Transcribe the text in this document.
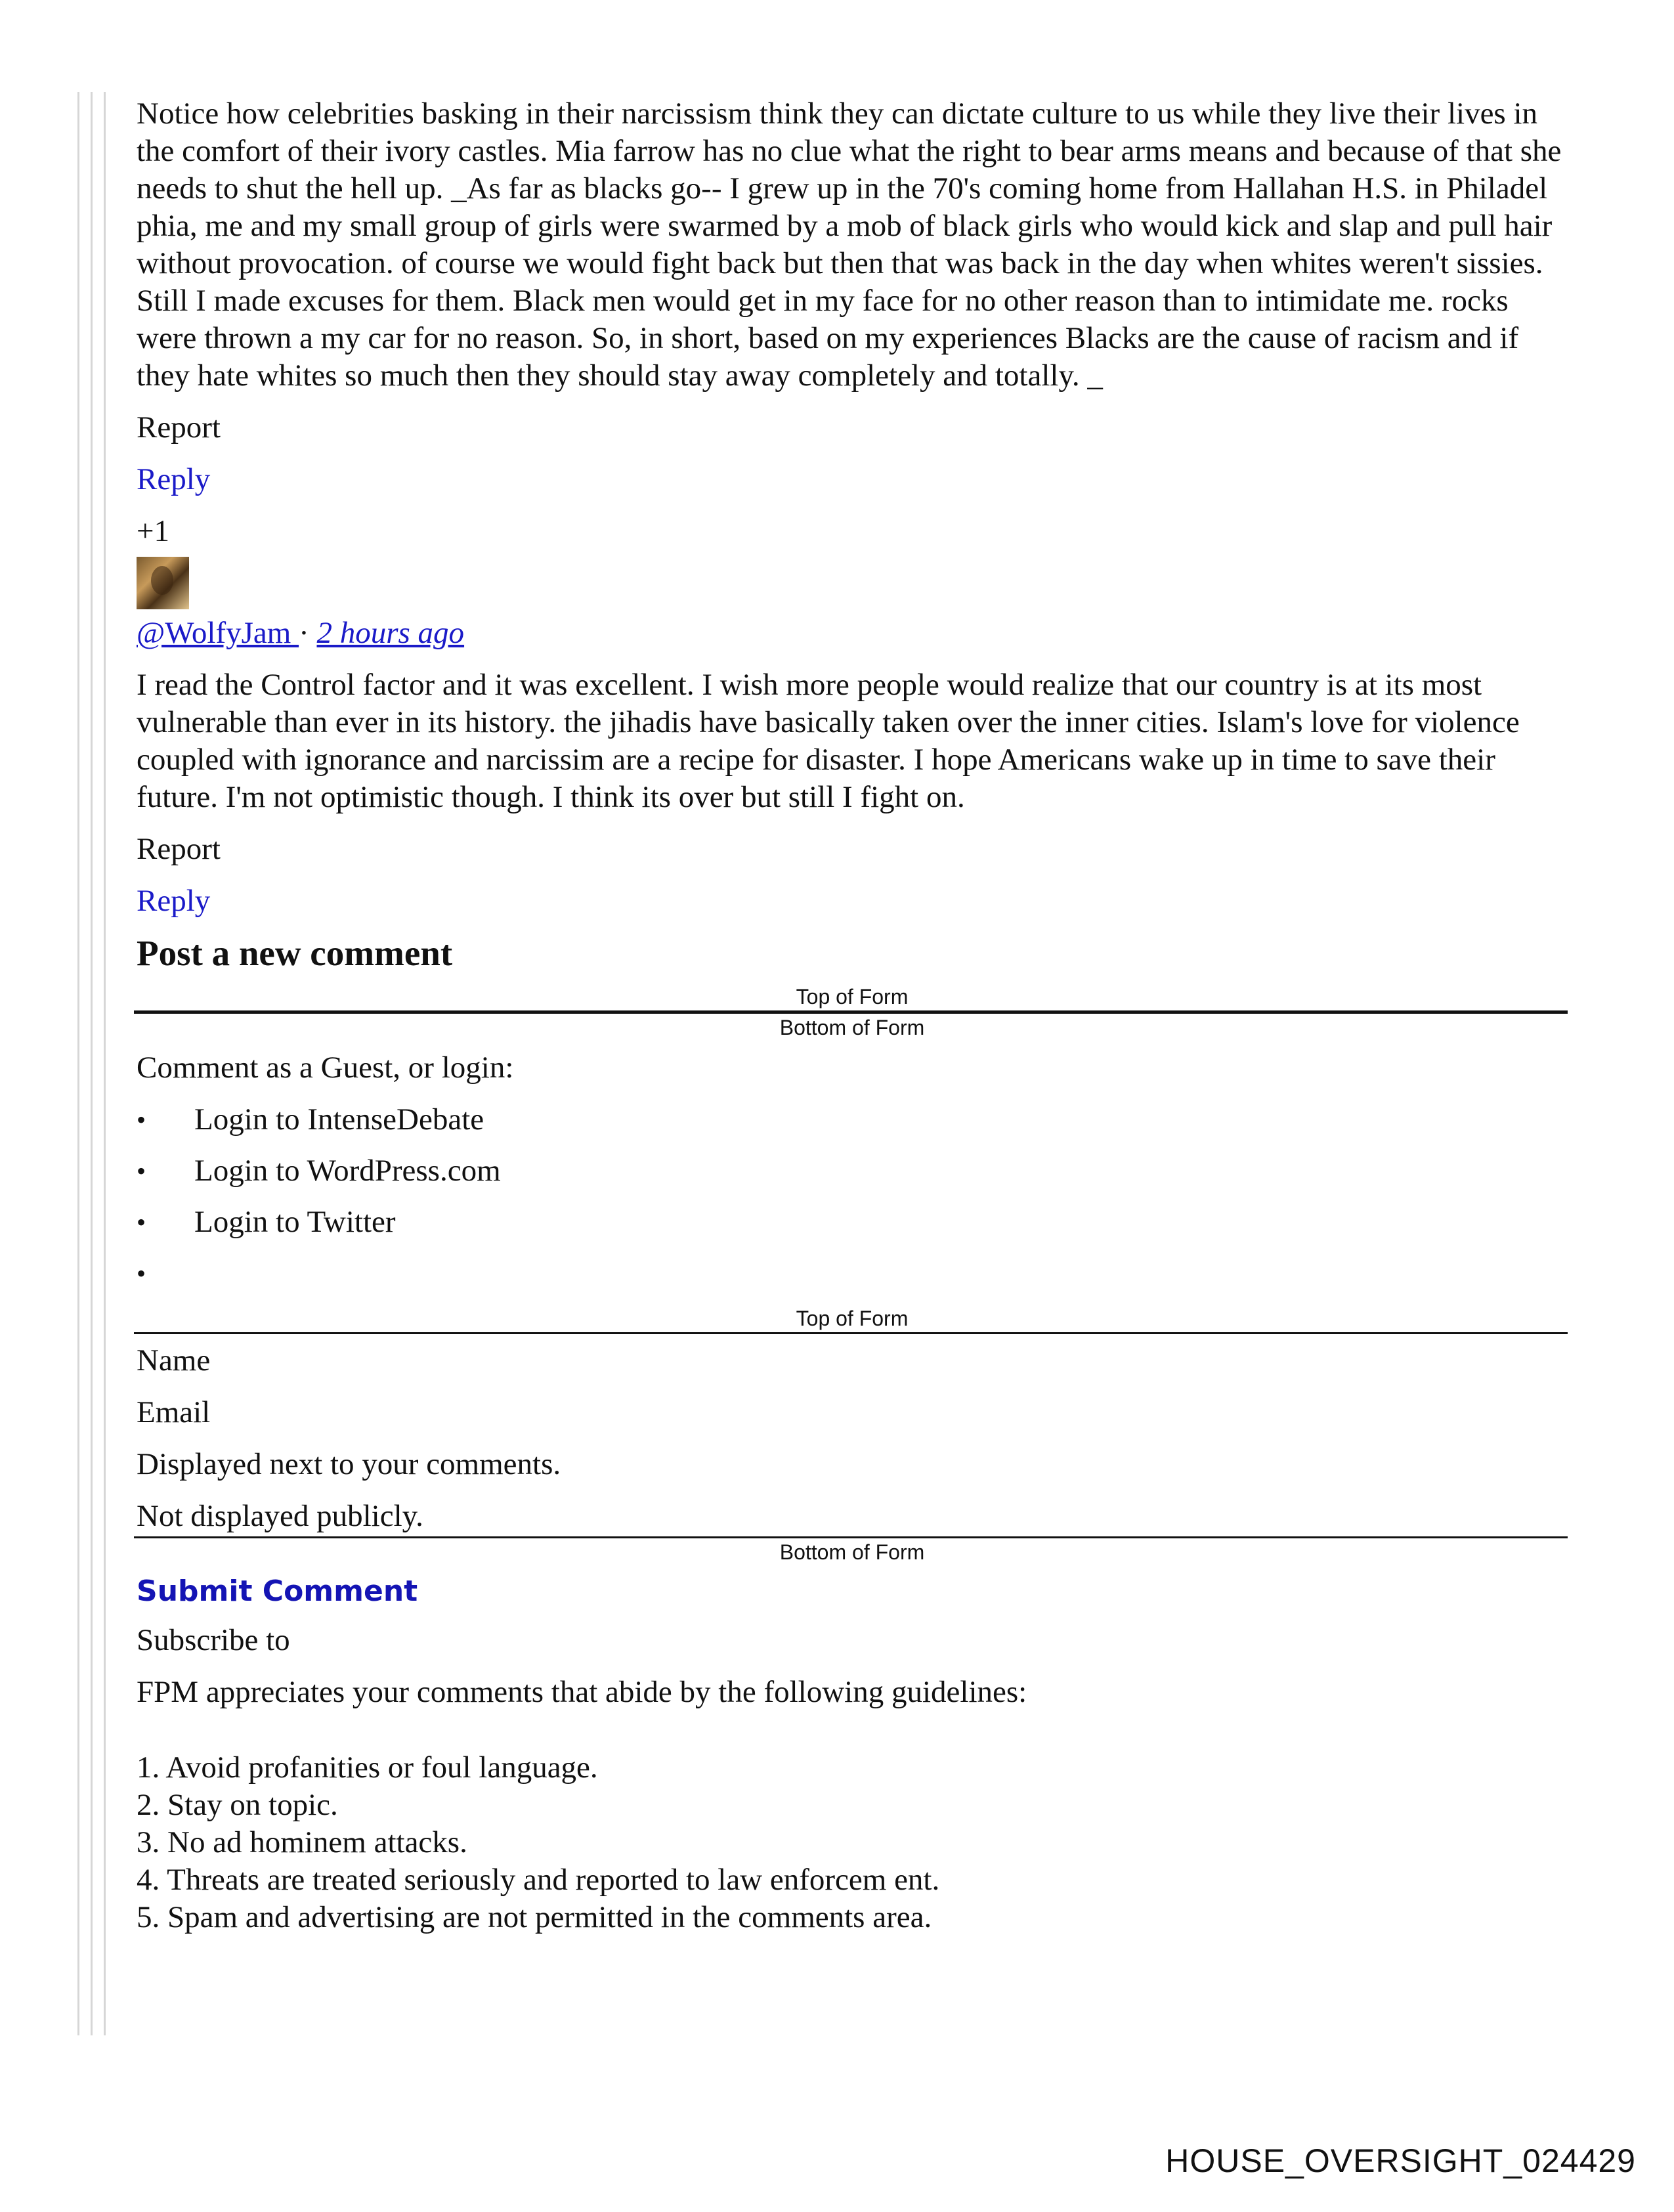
Notice how celebrities basking in their narcissism think they can dictate culture to us while they live their lives in the comfort of their ivory castles. Mia farrow has no clue what the right to bear arms means and because of that she needs to shut the hell up. _As far as blacks go-- I grew up in the 70's coming home from Hallahan H.S. in Philadel phia, me and my small group of girls were swarmed by a mob of black girls who would kick and slap and pull hair without provocation. of course we would fight back but then that was back in the day when whites weren't sissies. Still I made excuses for them. Black men would get in my face for no other reason than to intimidate me. rocks were thrown a my car for no reason. So, in short, based on my experiences Blacks are the cause of racism and if they hate whites so much then they should stay away completely and totally. _

Report

Reply

+1

@WolfyJam · 2 hours ago

I read the Control factor and it was excellent. I wish more people would realize that our country is at its most vulnerable than ever in its history. the jihadis have basically taken over the inner cities. Islam's love for violence coupled with ignorance and narcissim are a recipe for disaster. I hope Americans wake up in time to save their future. I'm not optimistic though. I think its over but still I fight on.

Report

Reply

Post a new comment
Top of Form
Bottom of Form

Comment as a Guest, or login:

• Login to IntenseDebate
• Login to WordPress.com
• Login to Twitter
•
Top of Form

Name

Email

Displayed next to your comments.

Not displayed publicly.

Bottom of Form

Submit Comment

Subscribe to

FPM appreciates your comments that abide by the following guidelines:

1. Avoid profanities or foul language.
2. Stay on topic.
3. No ad hominem attacks.
4. Threats are treated seriously and reported to law enforcem ent.
5. Spam and advertising are not permitted in the comments area.
HOUSE_OVERSIGHT_024429
